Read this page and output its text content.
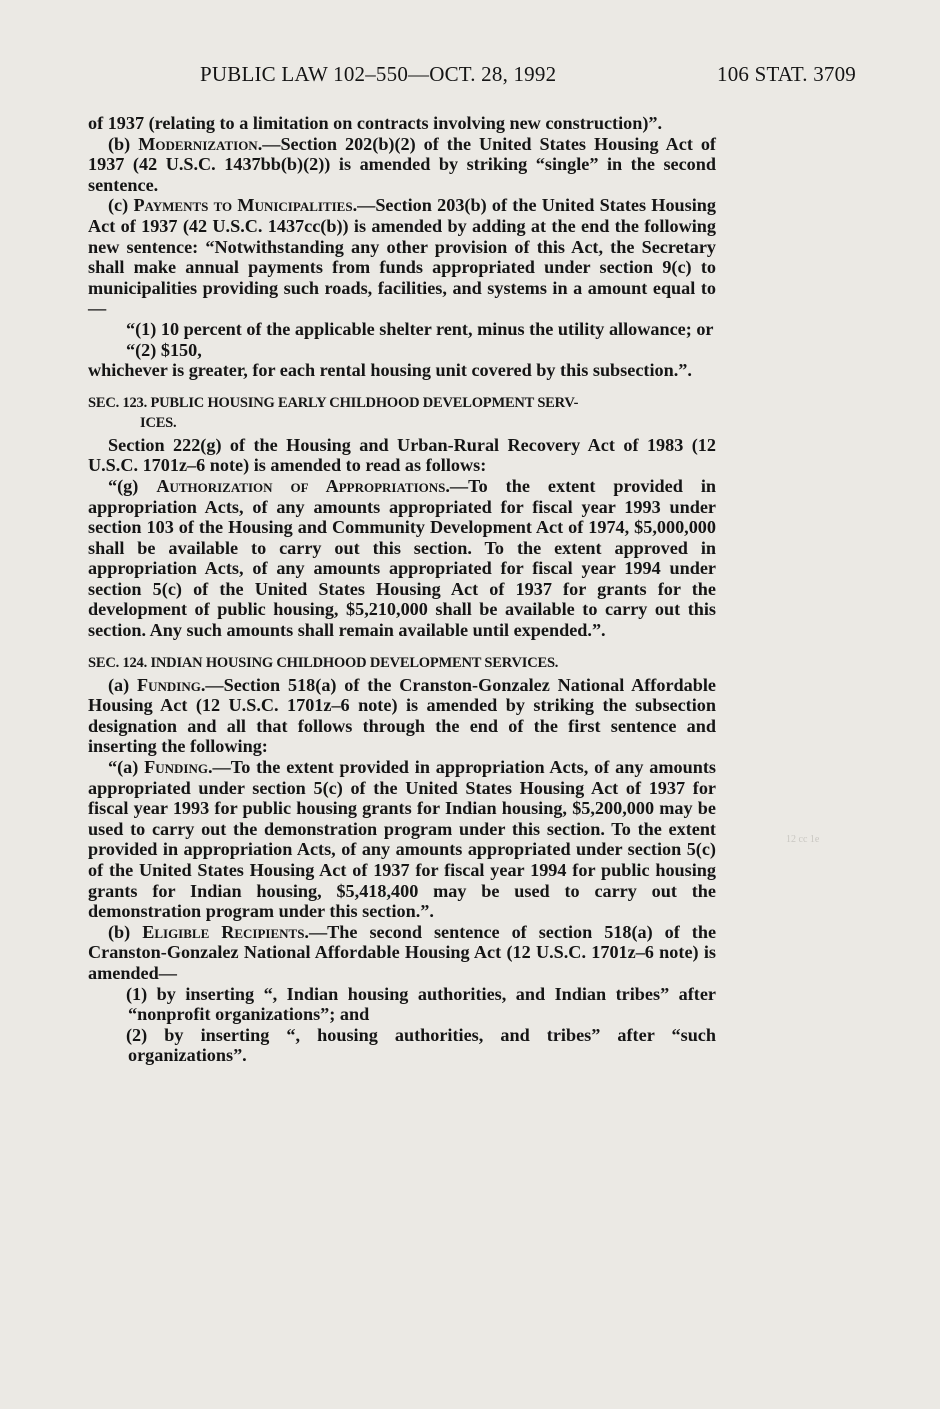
PUBLIC LAW 102–550—OCT. 28, 1992	106 STAT. 3709
12 cc 1e

of 1937 (relating to a limitation on contracts involving new construction)”.

(b) Modernization.—Section 202(b)(2) of the United States Housing Act of 1937 (42 U.S.C. 1437bb(b)(2)) is amended by striking “single” in the second sentence.

(c) Payments to Municipalities.—Section 203(b) of the United States Housing Act of 1937 (42 U.S.C. 1437cc(b)) is amended by adding at the end the following new sentence: “Notwithstanding any other provision of this Act, the Secretary shall make annual payments from funds appropriated under section 9(c) to municipalities providing such roads, facilities, and systems in a amount equal to—

“(1) 10 percent of the applicable shelter rent, minus the utility allowance; or

“(2) $150,

whichever is greater, for each rental housing unit covered by this subsection.”.

SEC. 123. PUBLIC HOUSING EARLY CHILDHOOD DEVELOPMENT SERV-
ICES.

Section 222(g) of the Housing and Urban-Rural Recovery Act of 1983 (12 U.S.C. 1701z–6 note) is amended to read as follows:

“(g) Authorization of Appropriations.—To the extent provided in appropriation Acts, of any amounts appropriated for fiscal year 1993 under section 103 of the Housing and Community Development Act of 1974, $5,000,000 shall be available to carry out this section. To the extent approved in appropriation Acts, of any amounts appropriated for fiscal year 1994 under section 5(c) of the United States Housing Act of 1937 for grants for the development of public housing, $5,210,000 shall be available to carry out this section. Any such amounts shall remain available until expended.”.

SEC. 124. INDIAN HOUSING CHILDHOOD DEVELOPMENT SERVICES.

(a) Funding.—Section 518(a) of the Cranston-Gonzalez National Affordable Housing Act (12 U.S.C. 1701z–6 note) is amended by striking the subsection designation and all that follows through the end of the first sentence and inserting the following:

“(a) Funding.—To the extent provided in appropriation Acts, of any amounts appropriated under section 5(c) of the United States Housing Act of 1937 for fiscal year 1993 for public housing grants for Indian housing, $5,200,000 may be used to carry out the demonstration program under this section. To the extent provided in appropriation Acts, of any amounts appropriated under section 5(c) of the United States Housing Act of 1937 for fiscal year 1994 for public housing grants for Indian housing, $5,418,400 may be used to carry out the demonstration program under this section.”.

(b) Eligible Recipients.—The second sentence of section 518(a) of the Cranston-Gonzalez National Affordable Housing Act (12 U.S.C. 1701z–6 note) is amended—

(1) by inserting “, Indian housing authorities, and Indian tribes” after “nonprofit organizations”; and

(2) by inserting “, housing authorities, and tribes” after “such organizations”.
